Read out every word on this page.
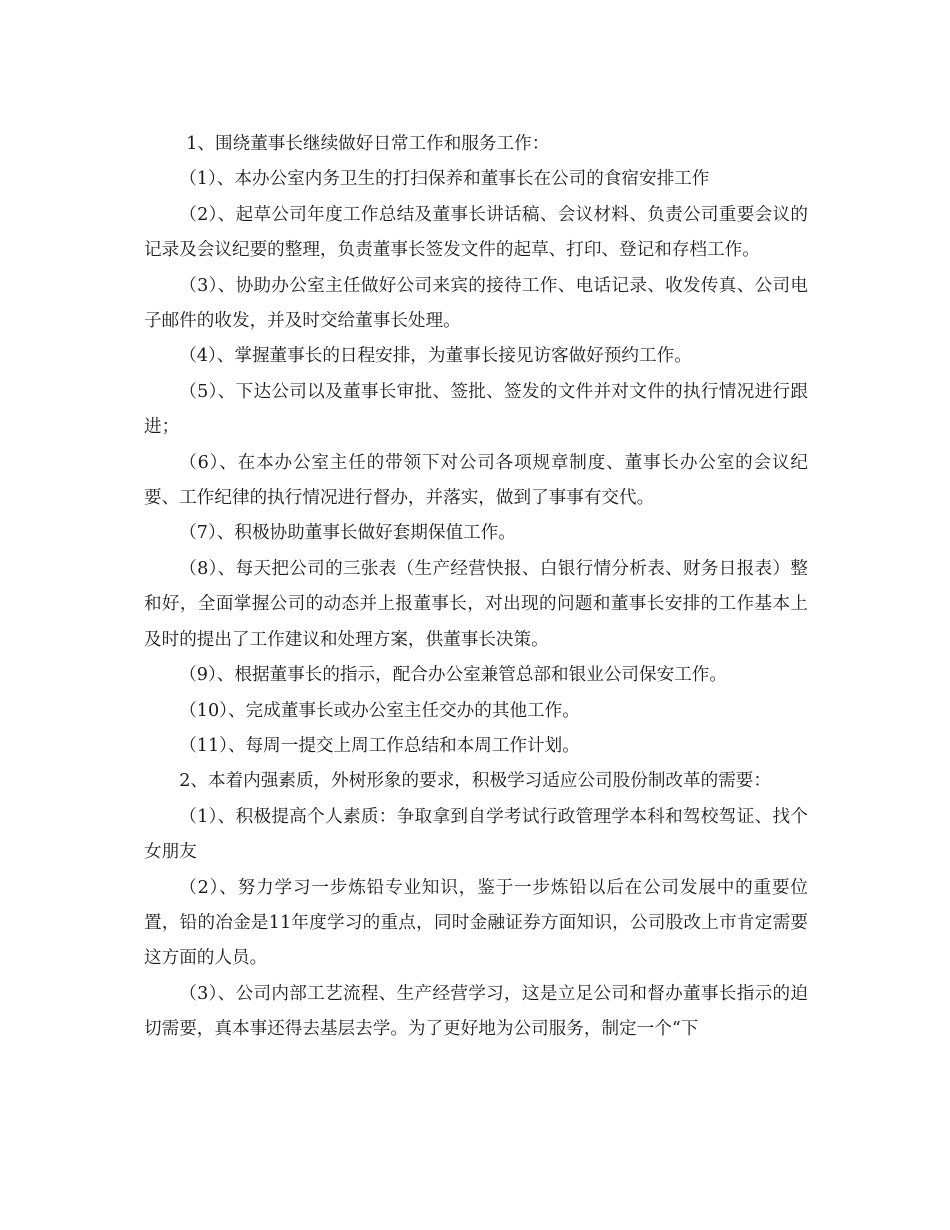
1、围绕董事长继续做好日常工作和服务工作：

（1）、本办公室内务卫生的打扫保养和董事长在公司的食宿安排工作

（2）、起草公司年度工作总结及董事长讲话稿、会议材料、负责公司重要会议的记录及会议纪要的整理，负责董事长签发文件的起草、打印、登记和存档工作。

（3）、协助办公室主任做好公司来宾的接待工作、电话记录、收发传真、公司电子邮件的收发，并及时交给董事长处理。

（4）、掌握董事长的日程安排，为董事长接见访客做好预约工作。

（5）、下达公司以及董事长审批、签批、签发的文件并对文件的执行情况进行跟进；

（6）、在本办公室主任的带领下对公司各项规章制度、董事长办公室的会议纪要、工作纪律的执行情况进行督办，并落实，做到了事事有交代。

（7）、积极协助董事长做好套期保值工作。

（8）、每天把公司的三张表（生产经营快报、白银行情分析表、财务日报表）整和好，全面掌握公司的动态并上报董事长，对出现的问题和董事长安排的工作基本上及时的提出了工作建议和处理方案，供董事长决策。

（9）、根据董事长的指示，配合办公室兼管总部和银业公司保安工作。

（10）、完成董事长或办公室主任交办的其他工作。

（11）、每周一提交上周工作总结和本周工作计划。

2、本着内强素质，外树形象的要求，积极学习适应公司股份制改革的需要：

（1）、积极提高个人素质：争取拿到自学考试行政管理学本科和驾校驾证、找个女朋友

（2）、努力学习一步炼铅专业知识，鉴于一步炼铅以后在公司发展中的重要位置，铅的冶金是11年度学习的重点，同时金融证券方面知识，公司股改上市肯定需要这方面的人员。

（3）、公司内部工艺流程、生产经营学习，这是立足公司和督办董事长指示的迫切需要，真本事还得去基层去学。为了更好地为公司服务，制定一个“下
